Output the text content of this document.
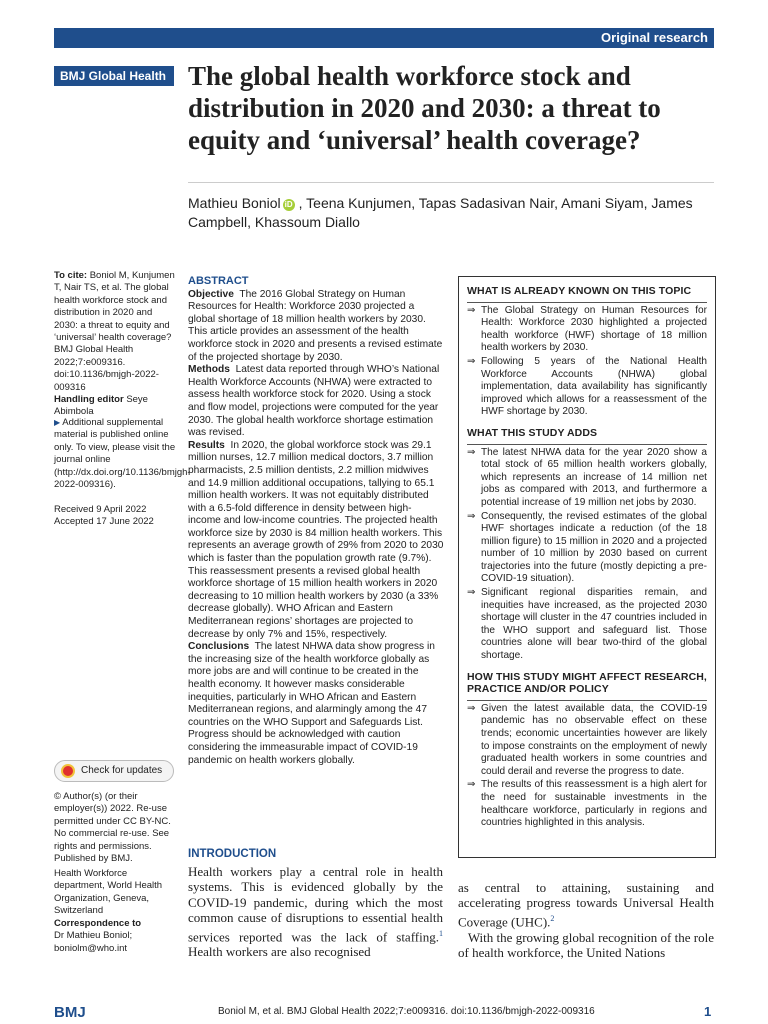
Original research
BMJ Global Health The global health workforce stock and distribution in 2020 and 2030: a threat to equity and ‘universal’ health coverage?
Mathieu Boniol iD , Teena Kunjumen, Tapas Sadasivan Nair, Amani Siyam, James Campbell, Khassoum Diallo
To cite: Boniol M, Kunjumen T, Nair TS, et al. The global health workforce stock and distribution in 2020 and 2030: a threat to equity and ‘universal’ health coverage?BMJ Global Health 2022;7:e009316. doi:10.1136/bmjgh-2022-009316
Handling editor Seye Abimbola
▶ Additional supplemental material is published online only. To view, please visit the journal online (http://dx.doi.org/10.1136/bmjgh-2022-009316).
Received 9 April 2022
Accepted 17 June 2022
Check for updates
© Author(s) (or their employer(s)) 2022. Re-use permitted under CC BY-NC. No commercial re-use. See rights and permissions. Published by BMJ.
Health Workforce department, World Health Organization, Geneva, Switzerland
Correspondence to
Dr Mathieu Boniol; boniolm@who.int
ABSTRACT

Objective The 2016 Global Strategy on Human Resources for Health: Workforce 2030 projected a global shortage of 18 million health workers by 2030. This article provides an assessment of the health workforce stock in 2020 and presents a revised estimate of the projected shortage by 2030.

Methods Latest data reported through WHO’s National Health Workforce Accounts (NHWA) were extracted to assess health workforce stock for 2020. Using a stock and flow model, projections were computed for the year 2030. The global health workforce shortage estimation was revised.

Results In 2020, the global workforce stock was 29.1 million nurses, 12.7 million medical doctors, 3.7 million pharmacists, 2.5 million dentists, 2.2 million midwives and 14.9 million additional occupations, tallying to 65.1 million health workers. It was not equitably distributed with a 6.5-fold difference in density between high-income and low-income countries. The projected health workforce size by 2030 is 84 million health workers. This represents an average growth of 29% from 2020 to 2030 which is faster than the population growth rate (9.7%). This reassessment presents a revised global health workforce shortage of 15 million health workers in 2020 decreasing to 10 million health workers by 2030 (a 33% decrease globally). WHO African and Eastern Mediterranean regions’ shortages are projected to decrease by only 7% and 15%, respectively.

Conclusions The latest NHWA data show progress in the increasing size of the health workforce globally as more jobs are and will continue to be created in the health economy. It however masks considerable inequities, particularly in WHO African and Eastern Mediterranean regions, and alarmingly among the 47 countries on the WHO Support and Safeguards List. Progress should be acknowledged with caution considering the immeasurable impact of COVID-19 pandemic on health workers globally.

WHAT IS ALREADY KNOWN ON THIS TOPIC
⇒ The Global Strategy on Human Resources for Health: Workforce 2030 highlighted a projected health workforce (HWF) shortage of 18 million health workers by 2030.
⇒ Following 5 years of the National Health Workforce Accounts (NHWA) global implementation, data availability has significantly improved which allows for a reassessment of the HWF shortage by 2030.
WHAT THIS STUDY ADDS
⇒ The latest NHWA data for the year 2020 show a total stock of 65 million health workers globally, which represents an increase of 14 million net jobs as compared with 2013, and furthermore a potential increase of 19 million net jobs by 2030.
⇒ Consequently, the revised estimates of the global HWF shortages indicate a reduction (of the 18 million figure) to 15 million in 2020 and a projected number of 10 million by 2030 based on current trajectories into the future (mostly depicting a pre-COVID-19 situation).
⇒ Significant regional disparities remain, and inequities have increased, as the projected 2030 shortage will cluster in the 47 countries included in the WHO support and safeguard list. Those countries alone will bear two-third of the global shortage.
HOW THIS STUDY MIGHT AFFECT RESEARCH, PRACTICE AND/OR POLICY
⇒ Given the latest available data, the COVID-19 pandemic has no observable effect on these trends; economic uncertainties however are likely to impose constraints on the employment of newly graduated health workers in some countries and could derail and reverse the progress to date.
⇒ The results of this reassessment is a high alert for the need for sustainable investments in the healthcare workforce, particularly in regions and countries highlighted in this analysis.
INTRODUCTION

Health workers play a central role in health systems. This is evidenced globally by the COVID-19 pandemic, during which the most common cause of disruptions to essential health services reported was the lack of staffing.$^1$ Health workers are also recognised

as central to attaining, sustaining and accelerating progress towards Universal Health Coverage (UHC).$^2$
With the growing global recognition of the role of health workforce, the United Nations

BMJ	Boniol M, et al. BMJ Global Health 2022;7:e009316. doi:10.1136/bmjgh-2022-009316	1
